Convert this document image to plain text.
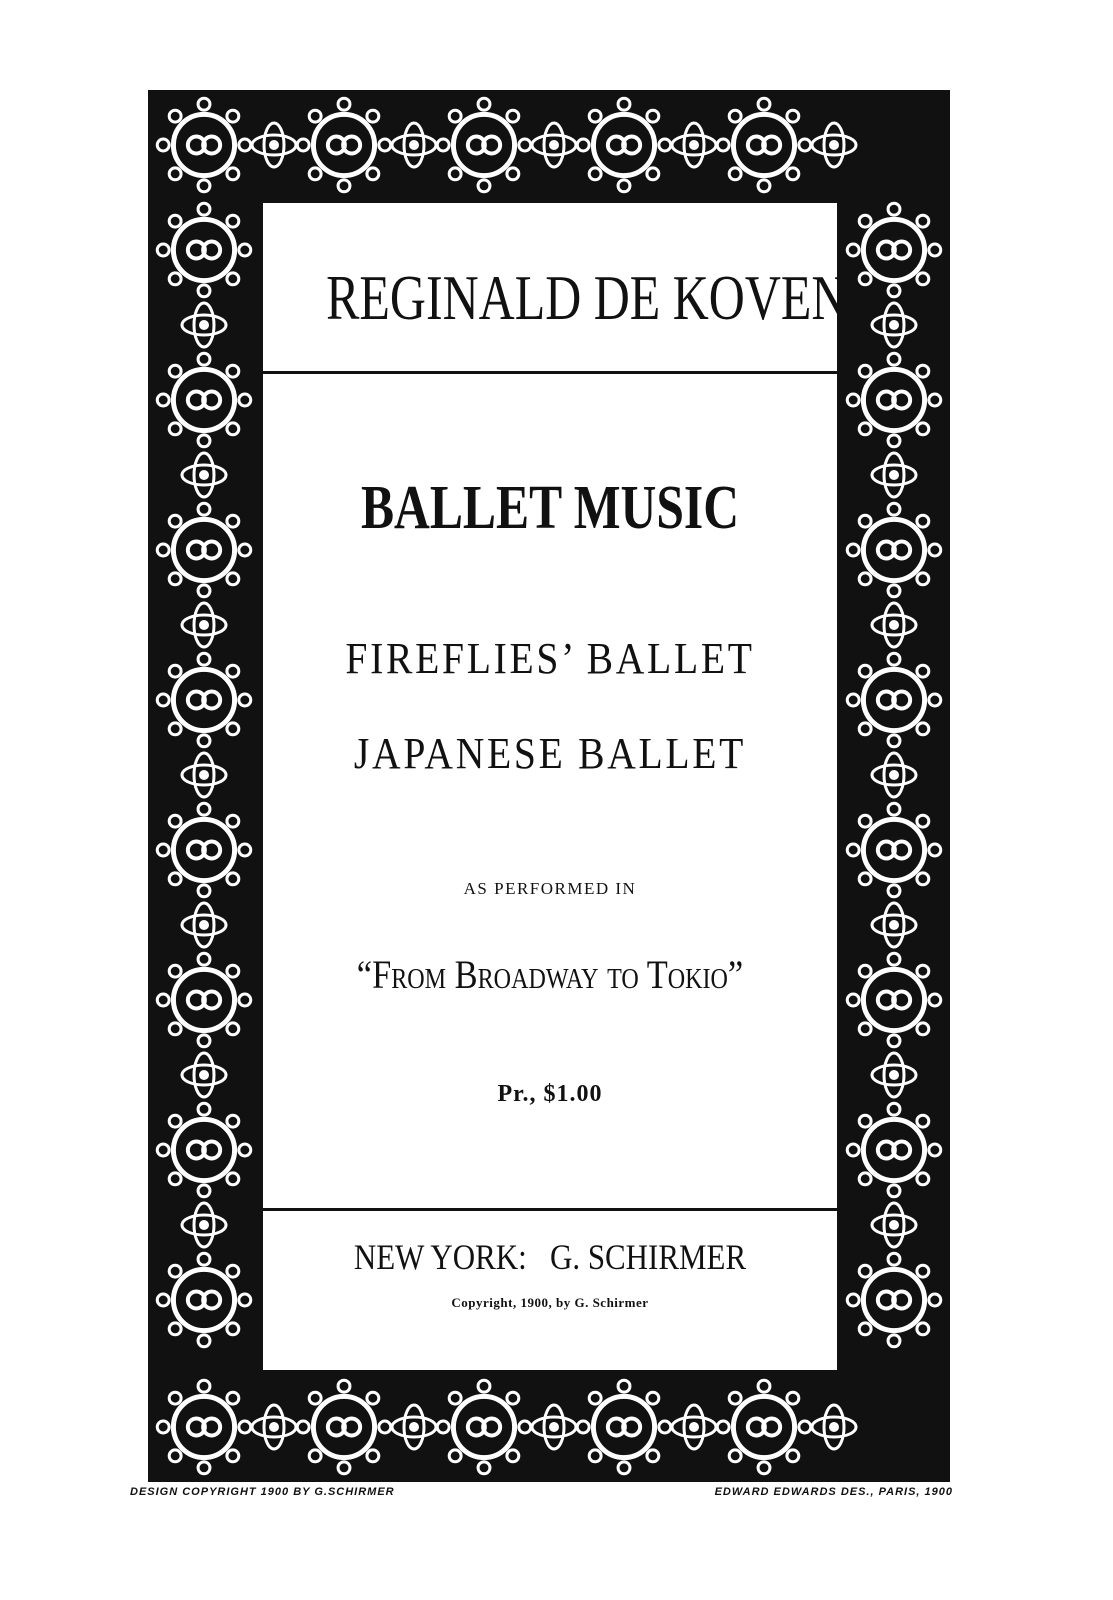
REGINALD DE KOVEN
BALLET MUSIC
FIREFLIES’ BALLET
JAPANESE BALLET
AS PERFORMED IN
“From Broadway to Tokio”
Pr., $1.00
NEW YORK:   G. SCHIRMER
Copyright, 1900, by G. Schirmer
DESIGN COPYRIGHT 1900 BY G.SCHIRMER	EDWARD EDWARDS DES., PARIS, 1900
